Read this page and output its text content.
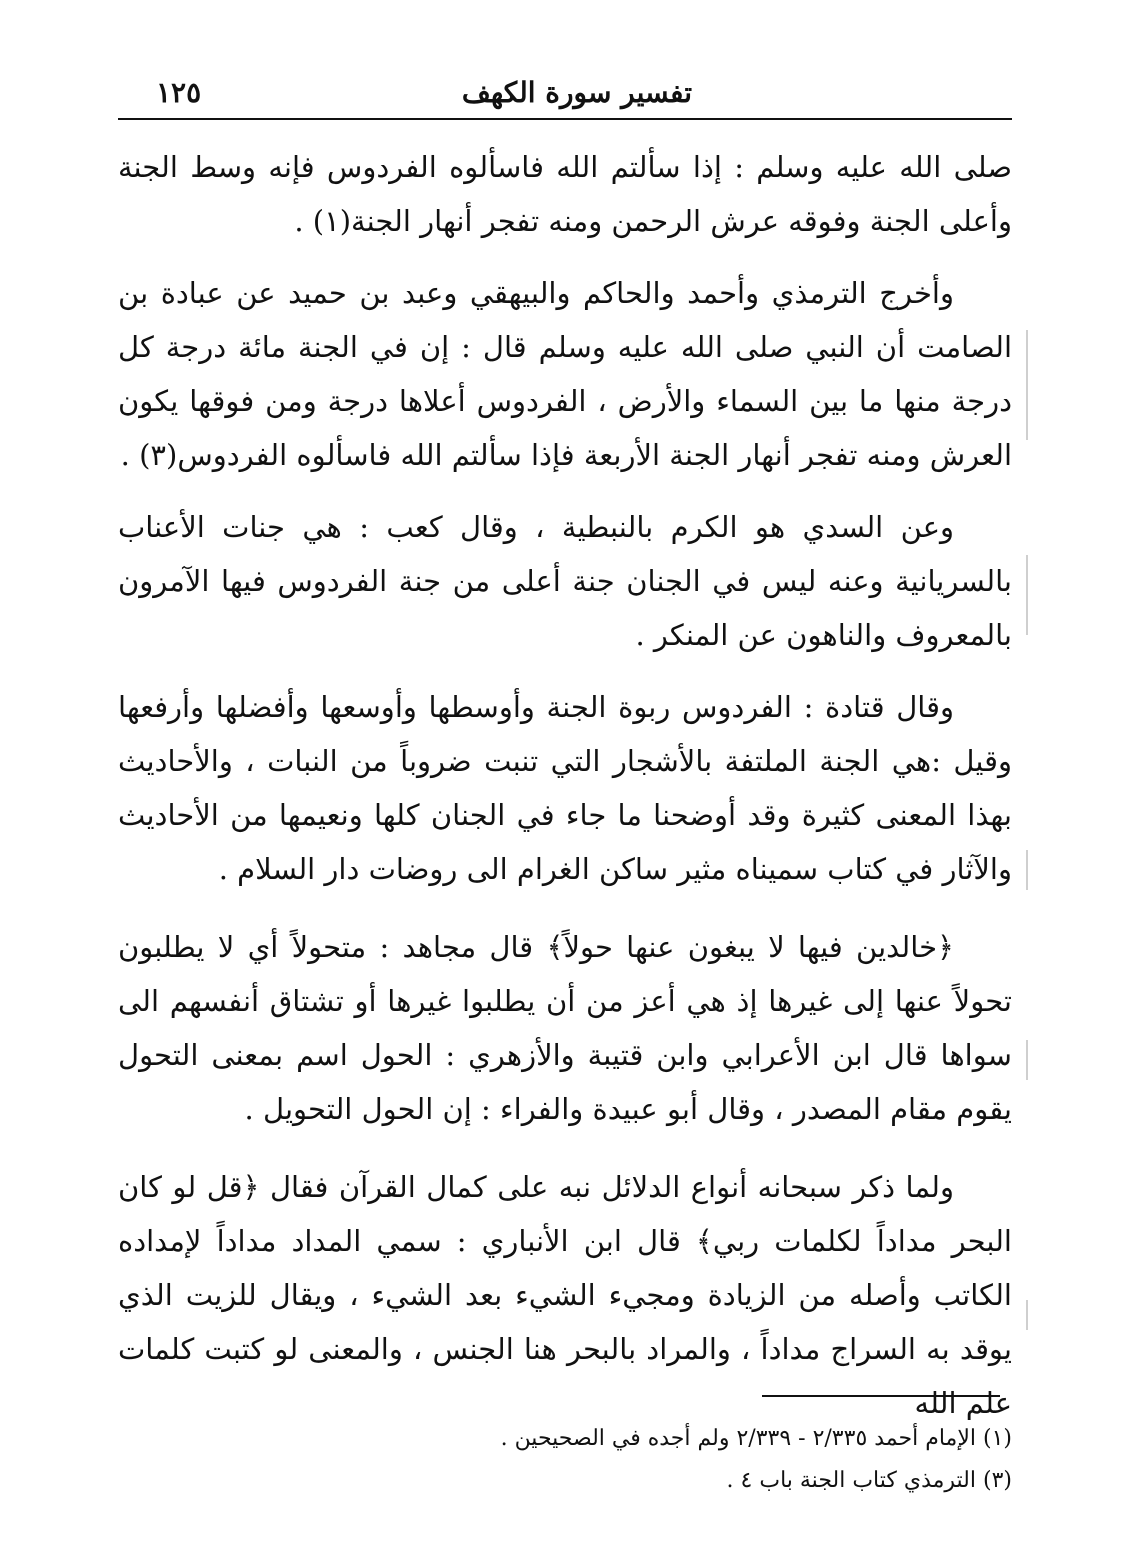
تفسير سورة الكهف
١٢٥

صلى الله عليه وسلم : إذا سألتم الله فاسألوه الفردوس فإنه وسط الجنة وأعلى الجنة وفوقه عرش الرحمن ومنه تفجر أنهار الجنة(١) .

وأخرج الترمذي وأحمد والحاكم والبيهقي وعبد بن حميد عن عبادة بن الصامت أن النبي صلى الله عليه وسلم قال : إن في الجنة مائة درجة كل درجة منها ما بين السماء والأرض ، الفردوس أعلاها درجة ومن فوقها يكون العرش ومنه تفجر أنهار الجنة الأربعة فإذا سألتم الله فاسألوه الفردوس(٣) .

وعن السدي هو الكرم بالنبطية ، وقال كعب : هي جنات الأعناب بالسريانية وعنه ليس في الجنان جنة أعلى من جنة الفردوس فيها الآمرون بالمعروف والناهون عن المنكر .

وقال قتادة : الفردوس ربوة الجنة وأوسطها وأوسعها وأفضلها وأرفعها وقيل :هي الجنة الملتفة بالأشجار التي تنبت ضروباً من النبات ، والأحاديث بهذا المعنى كثيرة وقد أوضحنا ما جاء في الجنان كلها ونعيمها من الأحاديث والآثار في كتاب سميناه مثير ساكن الغرام الى روضات دار السلام .

﴿خالدين فيها لا يبغون عنها حولاً﴾ قال مجاهد : متحولاً أي لا يطلبون تحولاً عنها إلى غيرها إذ هي أعز من أن يطلبوا غيرها أو تشتاق أنفسهم الى سواها قال ابن الأعرابي وابن قتيبة والأزهري : الحول اسم بمعنى التحول يقوم مقام المصدر ، وقال أبو عبيدة والفراء : إن الحول التحويل .

ولما ذكر سبحانه أنواع الدلائل نبه على كمال القرآن فقال ﴿قل لو كان البحر مداداً لكلمات ربي﴾ قال ابن الأنباري : سمي المداد مداداً لإمداده الكاتب وأصله من الزيادة ومجيء الشيء بعد الشيء ، ويقال للزيت الذي يوقد به السراج مداداً ، والمراد بالبحر هنا الجنس ، والمعنى لو كتبت كلمات علم الله

(١) الإمام أحمد ٢/٣٣٥ - ٢/٣٣٩ ولم أجده في الصحيحين .

(٣) الترمذي كتاب الجنة باب ٤ .
